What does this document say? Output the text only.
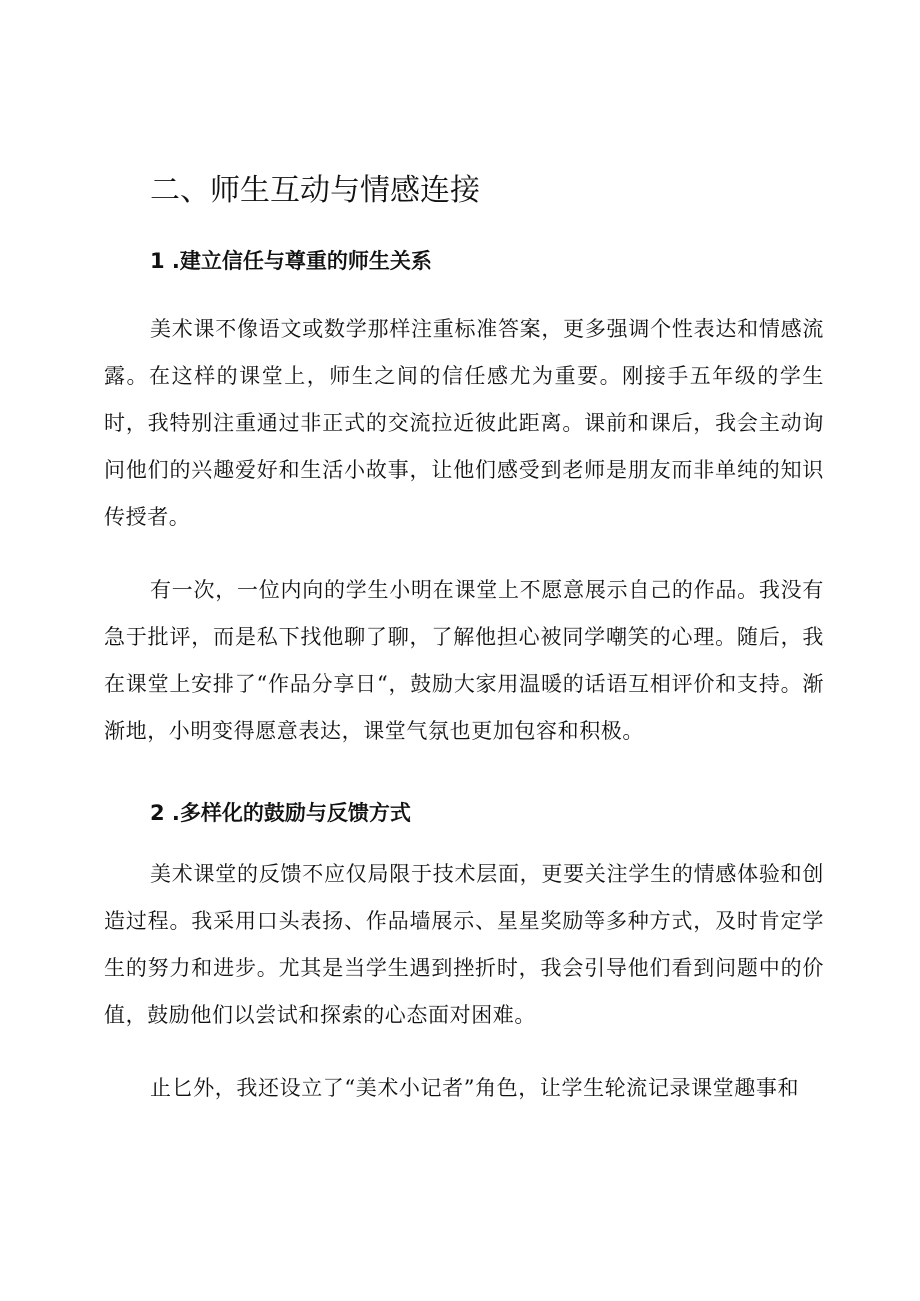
二、师生互动与情感连接
1 .建立信任与尊重的师生关系

美术课不像语文或数学那样注重标准答案，更多强调个性表达和情感流露。在这样的课堂上，师生之间的信任感尤为重要。刚接手五年级的学生时，我特别注重通过非正式的交流拉近彼此距离。课前和课后，我会主动询问他们的兴趣爱好和生活小故事，让他们感受到老师是朋友而非单纯的知识传授者。

有一次，一位内向的学生小明在课堂上不愿意展示自己的作品。我没有急于批评，而是私下找他聊了聊，了解他担心被同学嘲笑的心理。随后，我在课堂上安排了“作品分享日“，鼓励大家用温暖的话语互相评价和支持。渐渐地，小明变得愿意表达，课堂气氛也更加包容和积极。

2 .多样化的鼓励与反馈方式

美术课堂的反馈不应仅局限于技术层面，更要关注学生的情感体验和创造过程。我采用口头表扬、作品墙展示、星星奖励等多种方式，及时肯定学生的努力和进步。尤其是当学生遇到挫折时，我会引导他们看到问题中的价值，鼓励他们以尝试和探索的心态面对困难。

止匕外，我还设立了“美术小记者”角色，让学生轮流记录课堂趣事和
